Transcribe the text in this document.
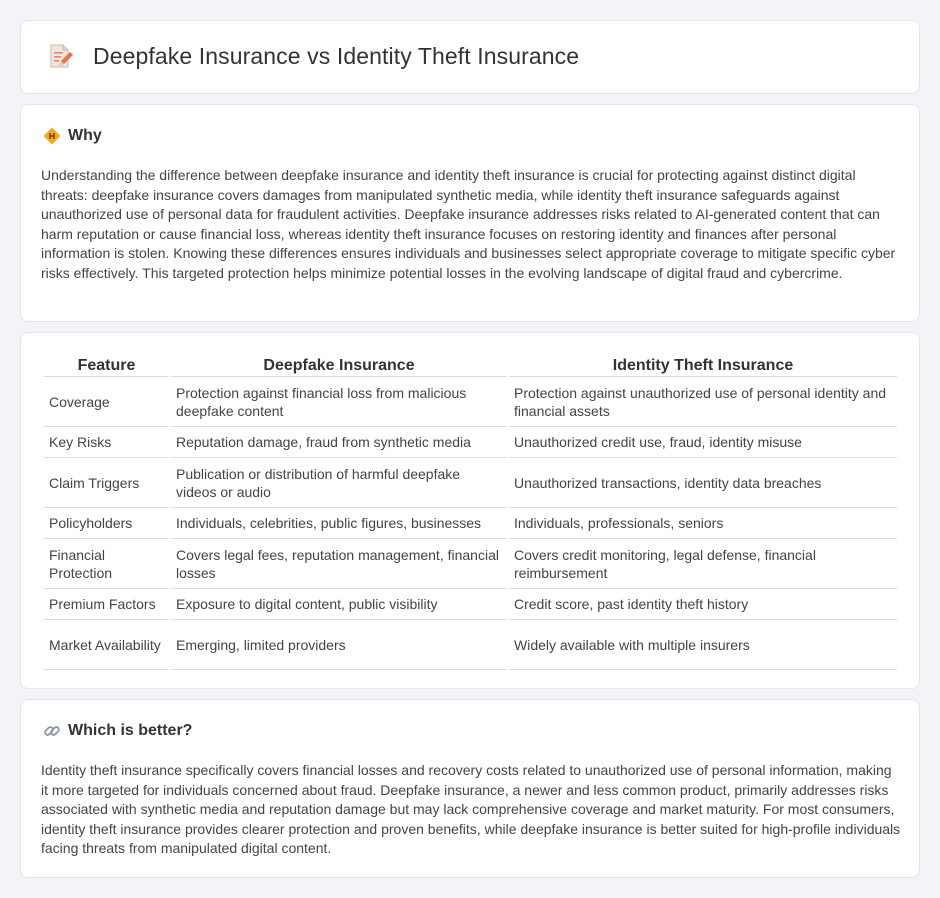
Deepfake Insurance vs Identity Theft Insurance
Why

Understanding the difference between deepfake insurance and identity theft insurance is crucial for protecting against distinct digital threats: deepfake insurance covers damages from manipulated synthetic media, while identity theft insurance safeguards against unauthorized use of personal data for fraudulent activities. Deepfake insurance addresses risks related to AI-generated content that can harm reputation or cause financial loss, whereas identity theft insurance focuses on restoring identity and finances after personal information is stolen. Knowing these differences ensures individuals and businesses select appropriate coverage to mitigate specific cyber risks effectively. This targeted protection helps minimize potential losses in the evolving landscape of digital fraud and cybercrime.

Feature	Deepfake Insurance	Identity Theft Insurance
Coverage	Protection against financial loss from malicious deepfake content	Protection against unauthorized use of personal identity and financial assets
Key Risks	Reputation damage, fraud from synthetic media	Unauthorized credit use, fraud, identity misuse
Claim Triggers	Publication or distribution of harmful deepfake videos or audio	Unauthorized transactions, identity data breaches
Policyholders	Individuals, celebrities, public figures, businesses	Individuals, professionals, seniors
Financial Protection	Covers legal fees, reputation management, financial losses	Covers credit monitoring, legal defense, financial reimbursement
Premium Factors	Exposure to digital content, public visibility	Credit score, past identity theft history
Market Availability	Emerging, limited providers	Widely available with multiple insurers
Which is better?

Identity theft insurance specifically covers financial losses and recovery costs related to unauthorized use of personal information, making it more targeted for individuals concerned about fraud. Deepfake insurance, a newer and less common product, primarily addresses risks associated with synthetic media and reputation damage but may lack comprehensive coverage and market maturity. For most consumers, identity theft insurance provides clearer protection and proven benefits, while deepfake insurance is better suited for high-profile individuals facing threats from manipulated digital content.
